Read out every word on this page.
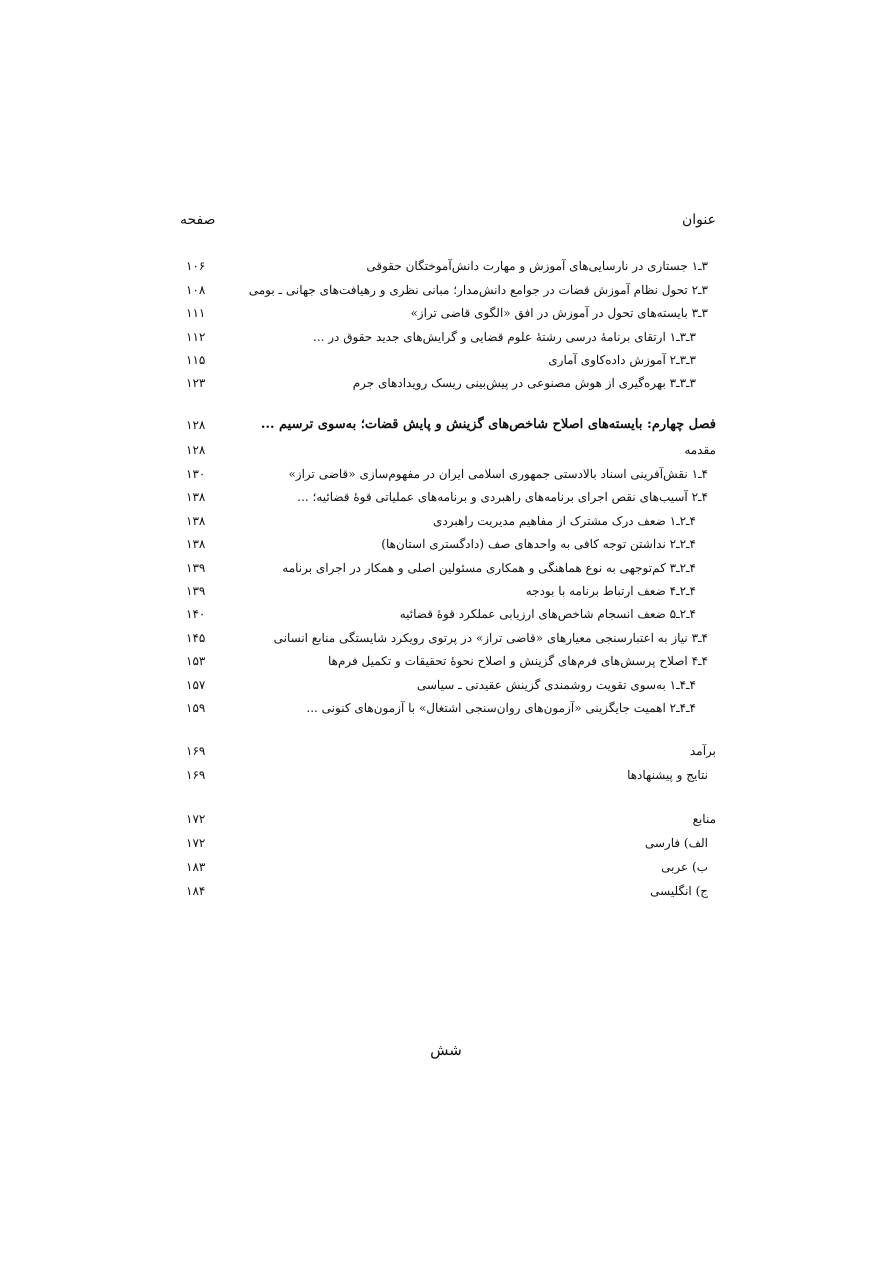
عنوان
صفحه
۳ـ۱ جستاری در نارسایی‌های آموزش و مهارت دانش‌آموختگان حقوقی
۱۰۶
۳ـ۲ تحول نظام آموزش قضات در جوامع دانش‌مدار؛ مبانی نظری و رهیافت‌های جهانی ـ بومی
۱۰۸
۳ـ۳ بایسته‌های تحول در آموزش در افق «الگوی قاضی تراز»
۱۱۱
۳ـ۳ـ۱ ارتقای برنامهٔ درسی رشتهٔ علوم قضایی و گرایش‌های جدید حقوق در ...
۱۱۲
۳ـ۳ـ۲ آموزش داده‌کاوی آماری
۱۱۵
۳ـ۳ـ۳ بهره‌گیری از هوش مصنوعی در پیش‌بینی ریسک رویدادهای جرم
۱۲۳
فصل چهارم: بایسته‌های اصلاح شاخص‌های گزینش و پایش قضات؛ به‌سوی ترسیم ...
۱۲۸
مقدمه
۱۲۸
۴ـ۱ نقش‌آفرینی اسناد بالادستی جمهوری اسلامی ایران در مفهوم‌سازی «قاضی تراز»
۱۳۰
۴ـ۲ آسیب‌های نقص اجرای برنامه‌های راهبردی و برنامه‌های عملیاتی قوهٔ قضائیه؛ ...
۱۳۸
۴ـ۲ـ۱ ضعف درک مشترک از مفاهیم مدیریت راهبردی
۱۳۸
۴ـ۲ـ۲ نداشتن توجه کافی به واحدهای صف (دادگستری استان‌ها)
۱۳۸
۴ـ۲ـ۳ کم‌توجهی به نوع هماهنگی و همکاری مسئولین اصلی و همکار در اجرای برنامه
۱۳۹
۴ـ۲ـ۴ ضعف ارتباط برنامه با بودجه
۱۳۹
۴ـ۲ـ۵ ضعف انسجام شاخص‌های ارزیابی عملکرد قوهٔ قضائیه
۱۴۰
۴ـ۳ نیاز به اعتبارسنجی معیارهای «قاضی تراز» در پرتوی رویکرد شایستگی منابع انسانی
۱۴۵
۴ـ۴ اصلاح پرسش‌های فرم‌های گزینش و اصلاح نحوهٔ تحقیقات و تکمیل فرم‌ها
۱۵۳
۴ـ۴ـ۱ به‌سوی تقویت روشمندی گزینش عقیدتی ـ سیاسی
۱۵۷
۴ـ۴ـ۲ اهمیت جایگزینی «آزمون‌های روان‌سنجی اشتغال» با آزمون‌های کنونی ...
۱۵۹
برآمد
۱۶۹
نتایج و پیشنهادها
۱۶۹
منابع
۱۷۲
الف) فارسی
۱۷۲
ب) عربی
۱۸۳
ج) انگلیسی
۱۸۴
شش
